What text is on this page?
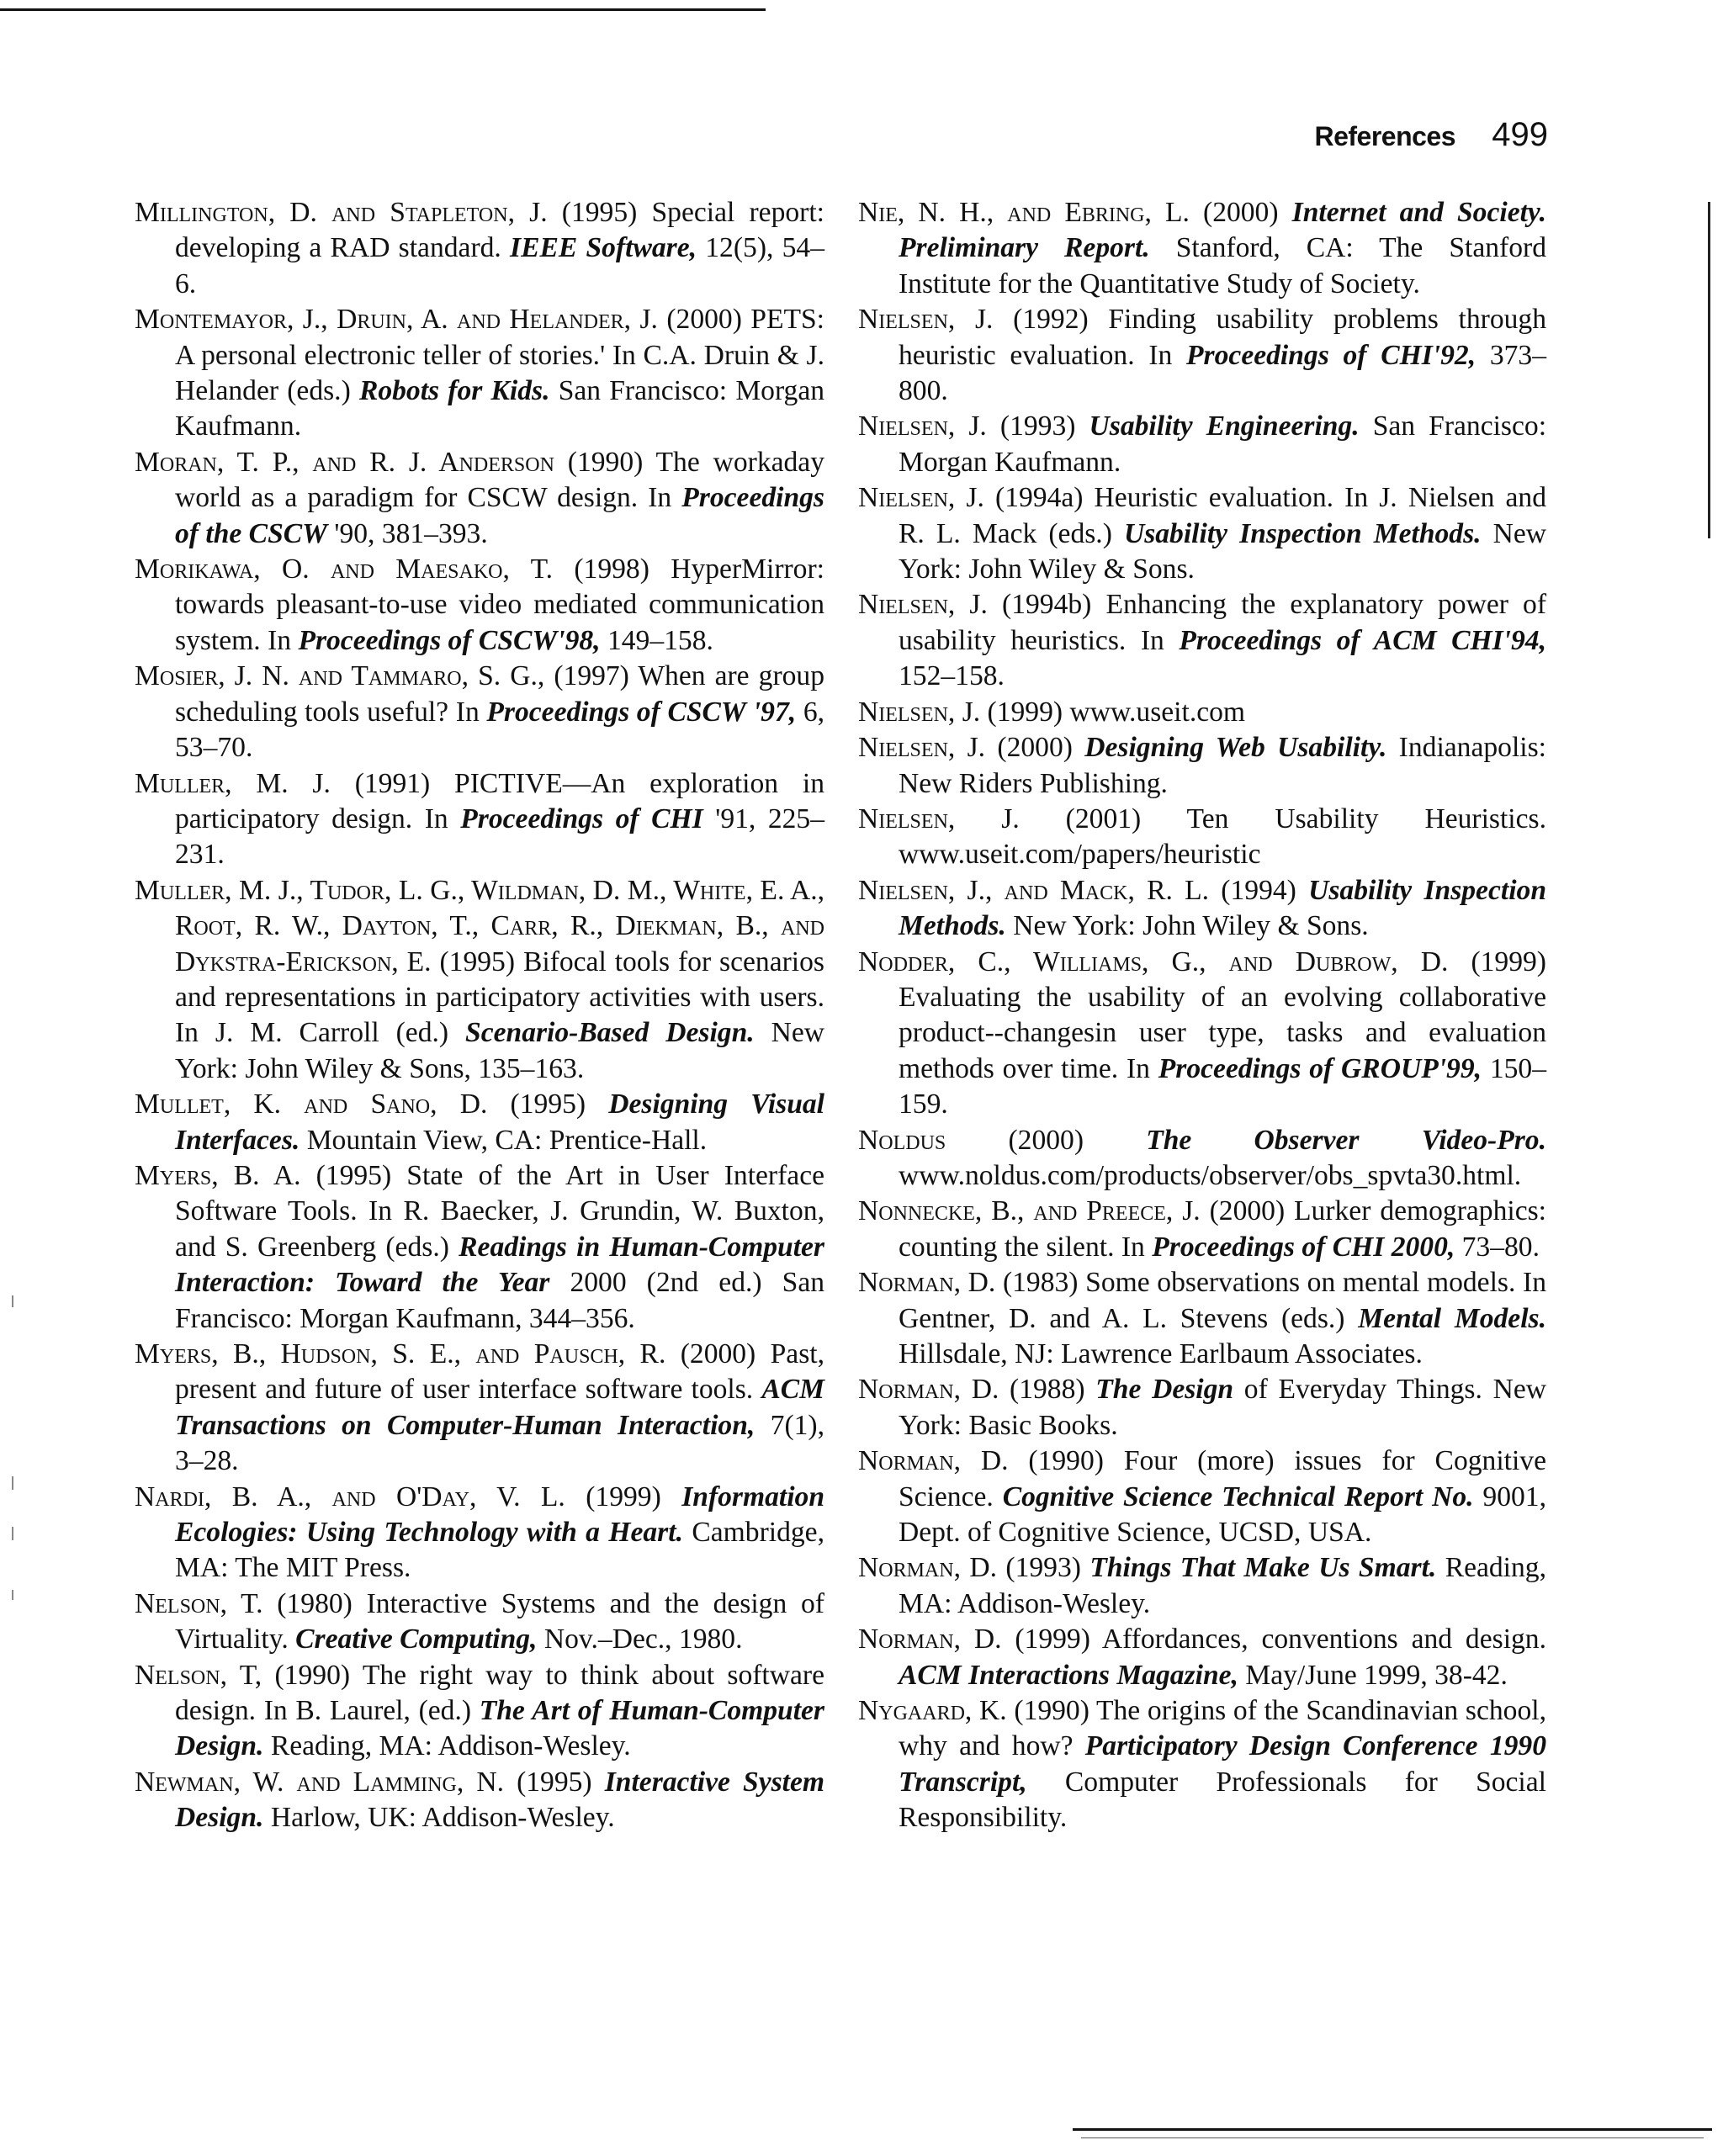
References 499

Millington, D. and Stapleton, J. (1995) Special report: developing a RAD standard. IEEE Software, 12(5), 54–6.

Montemayor, J., Druin, A. and Helander, J. (2000) PETS: A personal electronic teller of stories.' In C.A. Druin & J. Helander (eds.) Robots for Kids. San Francisco: Morgan Kaufmann.

Moran, T. P., and R. J. Anderson (1990) The workaday world as a paradigm for CSCW design. In Proceedings of the CSCW '90, 381–393.

Morikawa, O. and Maesako, T. (1998) HyperMirror: towards pleasant-to-use video mediated communication system. In Proceedings of CSCW'98, 149–158.

Mosier, J. N. and Tammaro, S. G., (1997) When are group scheduling tools useful? In Proceedings of CSCW '97, 6, 53–70.

Muller, M. J. (1991) PICTIVE—An exploration in participatory design. In Proceedings of CHI '91, 225–231.

Muller, M. J., Tudor, L. G., Wildman, D. M., White, E. A., Root, R. W., Dayton, T., Carr, R., Diekman, B., and Dykstra-Erickson, E. (1995) Bifocal tools for scenarios and representations in participatory activities with users. In J. M. Carroll (ed.) Scenario-Based Design. New York: John Wiley & Sons, 135–163.

Mullet, K. and Sano, D. (1995) Designing Visual Interfaces. Mountain View, CA: Prentice-Hall.

Myers, B. A. (1995) State of the Art in User Interface Software Tools. In R. Baecker, J. Grundin, W. Buxton, and S. Greenberg (eds.) Readings in Human-Computer Interaction: Toward the Year 2000 (2nd ed.) San Francisco: Morgan Kaufmann, 344–356.

Myers, B., Hudson, S. E., and Pausch, R. (2000) Past, present and future of user interface software tools. ACM Transactions on Computer-Human Interaction, 7(1), 3–28.

Nardi, B. A., and O'Day, V. L. (1999) Information Ecologies: Using Technology with a Heart. Cambridge, MA: The MIT Press.

Nelson, T. (1980) Interactive Systems and the design of Virtuality. Creative Computing, Nov.–Dec., 1980.

Nelson, T, (1990) The right way to think about software design. In B. Laurel, (ed.) The Art of Human-Computer Design. Reading, MA: Addison-Wesley.

Newman, W. and Lamming, N. (1995) Interactive System Design. Harlow, UK: Addison-Wesley.

Nie, N. H., and Ebring, L. (2000) Internet and Society. Preliminary Report. Stanford, CA: The Stanford Institute for the Quantitative Study of Society.

Nielsen, J. (1992) Finding usability problems through heuristic evaluation. In Proceedings of CHI'92, 373–800.

Nielsen, J. (1993) Usability Engineering. San Francisco: Morgan Kaufmann.

Nielsen, J. (1994a) Heuristic evaluation. In J. Nielsen and R. L. Mack (eds.) Usability Inspection Methods. New York: John Wiley & Sons.

Nielsen, J. (1994b) Enhancing the explanatory power of usability heuristics. In Proceedings of ACM CHI'94, 152–158.

Nielsen, J. (1999) www.useit.com

Nielsen, J. (2000) Designing Web Usability. Indianapolis: New Riders Publishing.

Nielsen, J. (2001) Ten Usability Heuristics. www.useit.com/papers/heuristic

Nielsen, J., and Mack, R. L. (1994) Usability Inspection Methods. New York: John Wiley & Sons.

Nodder, C., Williams, G., and Dubrow, D. (1999) Evaluating the usability of an evolving collaborative product--changesin user type, tasks and evaluation methods over time. In Proceedings of GROUP'99, 150–159.

Noldus (2000) The Observer Video-Pro. www.noldus.com/products/observer/obs_spvta30.html.

Nonnecke, B., and Preece, J. (2000) Lurker demographics: counting the silent. In Proceedings of CHI 2000, 73–80.

Norman, D. (1983) Some observations on mental models. In Gentner, D. and A. L. Stevens (eds.) Mental Models. Hillsdale, NJ: Lawrence Earlbaum Associates.

Norman, D. (1988) The Design of Everyday Things. New York: Basic Books.

Norman, D. (1990) Four (more) issues for Cognitive Science. Cognitive Science Technical Report No. 9001, Dept. of Cognitive Science, UCSD, USA.

Norman, D. (1993) Things That Make Us Smart. Reading, MA: Addison-Wesley.

Norman, D. (1999) Affordances, conventions and design. ACM Interactions Magazine, May/June 1999, 38-42.

Nygaard, K. (1990) The origins of the Scandinavian school, why and how? Participatory Design Conference 1990 Transcript, Computer Professionals for Social Responsibility.
